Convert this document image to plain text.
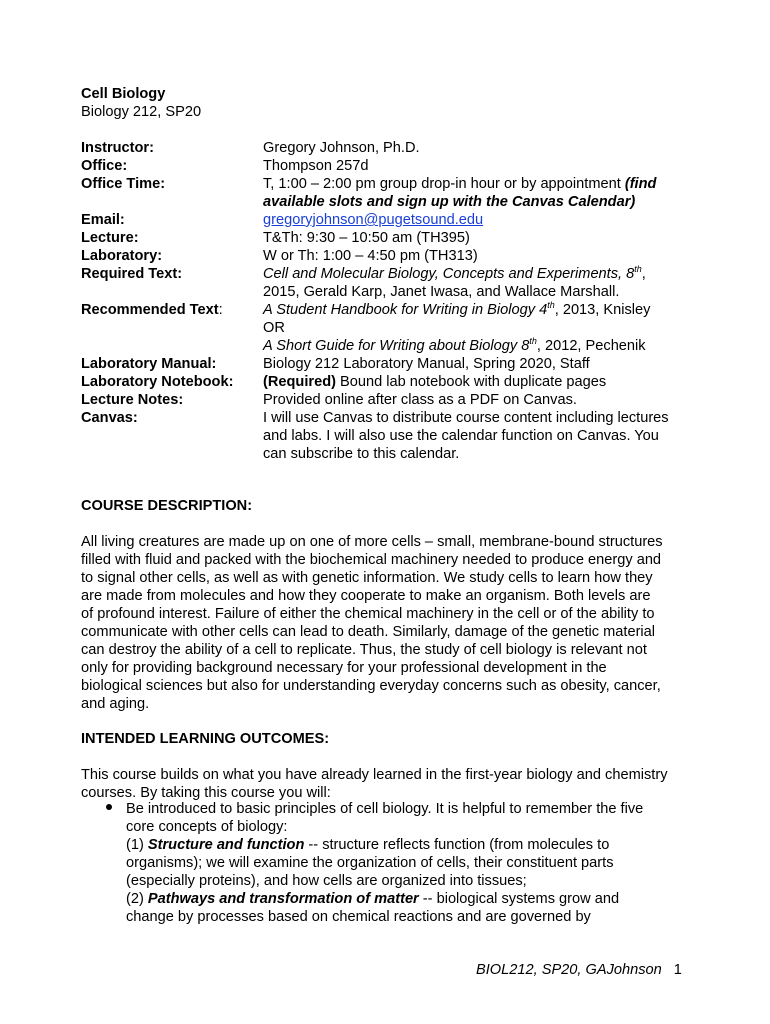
Cell Biology
Biology 212, SP20
Instructor:	Gregory Johnson, Ph.D.
Office:	Thompson 257d
Office Time:	T, 1:00 – 2:00 pm group drop-in hour or by appointment (find
available slots and sign up with the Canvas Calendar)
Email:	gregoryjohnson@pugetsound.edu
Lecture:	T&Th: 9:30 – 10:50 am (TH395)
Laboratory:	W or Th: 1:00 – 4:50 pm (TH313)
Required Text:	Cell and Molecular Biology, Concepts and Experiments, 8th,
2015, Gerald Karp, Janet Iwasa, and Wallace Marshall.
Recommended Text:	A Student Handbook for Writing in Biology 4th, 2013, Knisley
OR
A Short Guide for Writing about Biology 8th, 2012, Pechenik
Laboratory Manual:	Biology 212 Laboratory Manual, Spring 2020, Staff
Laboratory Notebook: (Required) Bound lab notebook with duplicate pages
Lecture Notes:	Provided online after class as a PDF on Canvas.
Canvas:	I will use Canvas to distribute course content including lectures
and labs. I will also use the calendar function on Canvas. You
can subscribe to this calendar.
COURSE DESCRIPTION:
All living creatures are made up on one of more cells – small, membrane-bound structures
filled with fluid and packed with the biochemical machinery needed to produce energy and
to signal other cells, as well as with genetic information. We study cells to learn how they
are made from molecules and how they cooperate to make an organism. Both levels are
of profound interest. Failure of either the chemical machinery in the cell or of the ability to
communicate with other cells can lead to death. Similarly, damage of the genetic material
can destroy the ability of a cell to replicate. Thus, the study of cell biology is relevant not
only for providing background necessary for your professional development in the
biological sciences but also for understanding everyday concerns such as obesity, cancer,
and aging.
INTENDED LEARNING OUTCOMES:
This course builds on what you have already learned in the first-year biology and chemistry
courses. By taking this course you will:
Be introduced to basic principles of cell biology. It is helpful to remember the five
core concepts of biology:
(1) Structure and function -- structure reflects function (from molecules to
organisms); we will examine the organization of cells, their constituent parts
(especially proteins), and how cells are organized into tissues;
(2) Pathways and transformation of matter -- biological systems grow and
change by processes based on chemical reactions and are governed by
BIOL212, SP20, GAJohnson 1
